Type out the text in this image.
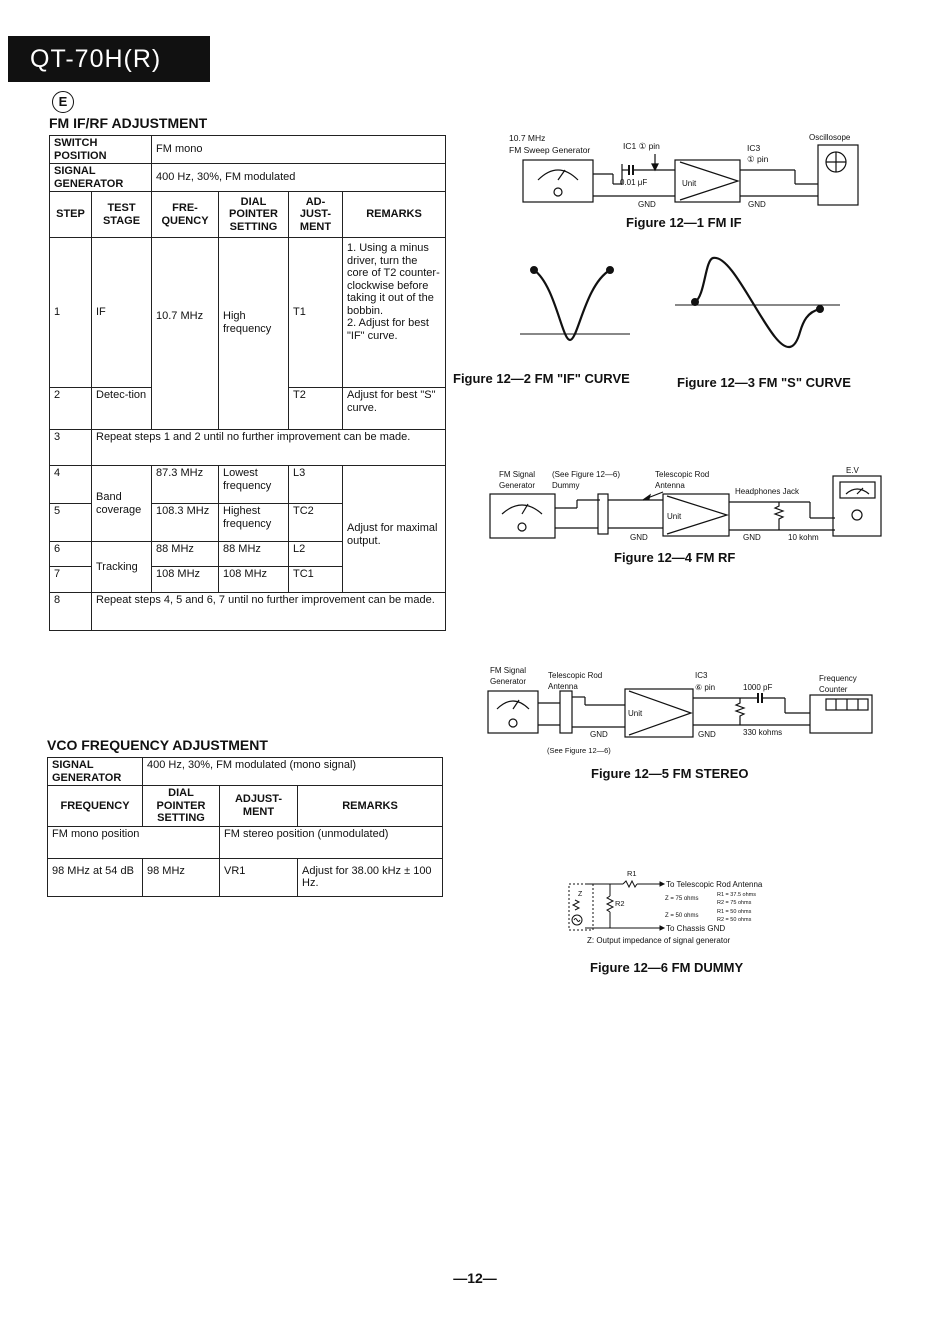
QT-70H(R)
E
FM IF/RF ADJUSTMENT
SWITCH POSITION		FM mono			
SIGNAL GENERATOR		400 Hz, 30%, FM modulated			
STEP	TEST STAGE	FRE-QUENCY	DIAL POINTER SETTING	AD-JUST-MENT	REMARKS
1	IF	10.7 MHz	High frequency	T1	1. Using a minus driver, turn the core of T2 counter-clockwise before taking it out of the bobbin.
2. Adjust for best "IF" curve.
2	Detec-tion			T2	Adjust for best "S" curve.
3	Repeat steps 1 and 2 until no further improvement can be made.				
4	Band coverage	87.3 MHz	Lowest frequency	L3	Adjust for maximal output.
5		108.3 MHz	Highest frequency	TC2	
6	Tracking	88 MHz	88 MHz	L2	
7		108 MHz	108 MHz	TC1	
8	Repeat steps 4, 5 and 6, 7 until no further improvement can be made.				
VCO FREQUENCY ADJUSTMENT
SIGNAL GENERATOR	400 Hz, 30%, FM modulated (mono signal)		
FREQUENCY	DIAL POINTER SETTING	ADJUST-MENT	REMARKS
FM mono position		FM stereo position (unmodulated)	
98 MHz at 54 dB	98 MHz	VR1	Adjust for 38.00 kHz ± 100 Hz.
10.7 MHz
FM Sweep Generator
0.01 μF
IC1 ① pin
Unit
GND
IC3
① pin
GND
Oscillosope
Figure 12—1 FM IF
Figure 12—2 FM "IF" CURVE	Figure 12—3 FM "S" CURVE
FM Signal
Generator
(See Figure 12—6)
Dummy
Telescopic Rod
Antenna
Headphones Jack
E.V
Unit
GND	GND	10 kohm
Figure 12—4 FM RF
FM Signal
Generator
Telescopic Rod
Antenna
IC3
⑥ pin	1000 pF
Frequency
Counter
Unit
GND	GND	330 kohms
(See Figure 12—6)
Figure 12—5 FM STEREO
R1
Z
R2
To Telescopic Rod Antenna
To Chassis GND
Z = 75 ohms
R1 = 37.5 ohms
R2 = 75 ohms
Z = 50 ohms
R1 = 50 ohms
R2 = 50 ohms
Z: Output impedance of signal generator
Figure 12—6 FM DUMMY
—12—
